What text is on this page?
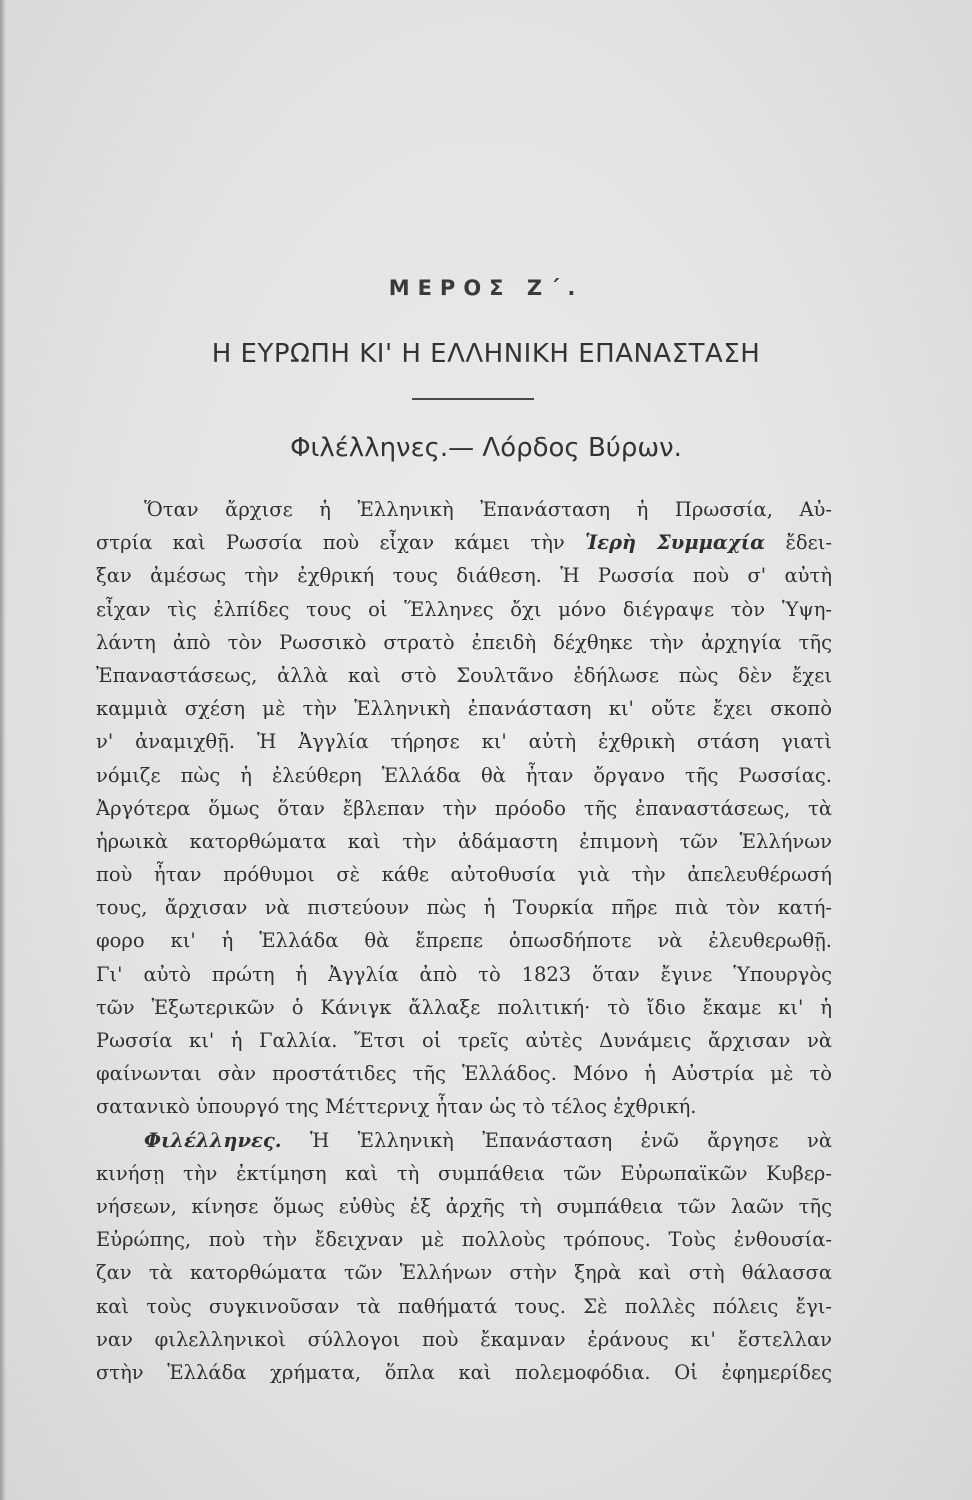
ΜΕΡΟΣ Ζ΄.
Η ΕΥΡΩΠΗ ΚΙ' Η ΕΛΛΗΝΙΚΗ ΕΠΑΝΑΣΤΑΣΗ
Φιλέλληνες.— Λόρδος Βύρων.
Ὅταν ἄρχισε ἡ Ἑλληνικὴ Ἐπανάσταση ἡ Πρωσσία, Αὐ-
στρία καὶ Ρωσσία ποὺ εἶχαν κάμει τὴν Ἱερὴ Συμμαχία ἔδει-
ξαν ἀμέσως τὴν ἐχθρική τους διάθεση. Ἡ Ρωσσία ποὺ σ' αὐτὴ
εἶχαν τὶς ἐλπίδες τους οἱ Ἕλληνες ὄχι μόνο διέγραψε τὸν Ὑψη-
λάντη ἀπὸ τὸν Ρωσσικὸ στρατὸ ἐπειδὴ δέχθηκε τὴν ἀρχηγία τῆς
Ἐπαναστάσεως, ἀλλὰ καὶ στὸ Σουλτᾶνο ἐδήλωσε πὼς δὲν ἔχει
καμμιὰ σχέση μὲ τὴν Ἑλληνικὴ ἐπανάσταση κι' οὔτε ἔχει σκοπὸ
ν' ἀναμιχθῇ. Ἡ Ἀγγλία τήρησε κι' αὐτὴ ἐχθρικὴ στάση γιατὶ
νόμιζε πὼς ἡ ἐλεύθερη Ἑλλάδα θὰ ἦταν ὄργανο τῆς Ρωσσίας.
Ἀργότερα ὅμως ὅταν ἔβλεπαν τὴν πρόοδο τῆς ἐπαναστάσεως, τὰ
ἡρωικὰ κατορθώματα καὶ τὴν ἀδάμαστη ἐπιμονὴ τῶν Ἑλλήνων
ποὺ ἦταν πρόθυμοι σὲ κάθε αὐτοθυσία γιὰ τὴν ἀπελευθέρωσή
τους, ἄρχισαν νὰ πιστεύουν πὼς ἡ Τουρκία πῆρε πιὰ τὸν κατή-
φορο κι' ἡ Ἑλλάδα θὰ ἔπρεπε ὁπωσδήποτε νὰ ἐλευθερωθῇ.
Γι' αὐτὸ πρώτη ἡ Ἀγγλία ἀπὸ τὸ 1823 ὅταν ἔγινε Ὑπουργὸς
τῶν Ἐξωτερικῶν ὁ Κάνιγκ ἄλλαξε πολιτική· τὸ ἴδιο ἔκαμε κι' ἡ
Ρωσσία κι' ἡ Γαλλία. Ἔτσι οἱ τρεῖς αὐτὲς Δυνάμεις ἄρχισαν νὰ
φαίνωνται σὰν προστάτιδες τῆς Ἑλλάδος. Μόνο ἡ Αὐστρία μὲ τὸ
σατανικὸ ὑπουργό της Μέττερνιχ ἦταν ὡς τὸ τέλος ἐχθρική.
Φιλέλληνες. Ἡ Ἑλληνικὴ Ἐπανάσταση ἐνῶ ἄργησε νὰ
κινήσῃ τὴν ἐκτίμηση καὶ τὴ συμπάθεια τῶν Εὐρωπαϊκῶν Κυβερ-
νήσεων, κίνησε ὅμως εὐθὺς ἐξ ἀρχῆς τὴ συμπάθεια τῶν λαῶν τῆς
Εὐρώπης, ποὺ τὴν ἔδειχναν μὲ πολλοὺς τρόπους. Τοὺς ἐνθουσία-
ζαν τὰ κατορθώματα τῶν Ἑλλήνων στὴν ξηρὰ καὶ στὴ θάλασσα
καὶ τοὺς συγκινοῦσαν τὰ παθήματά τους. Σὲ πολλὲς πόλεις ἔγι-
ναν φιλελληνικοὶ σύλλογοι ποὺ ἔκαμναν ἐράνους κι' ἔστελλαν
στὴν Ἑλλάδα χρήματα, ὅπλα καὶ πολεμοφόδια. Οἱ ἐφημερίδες
